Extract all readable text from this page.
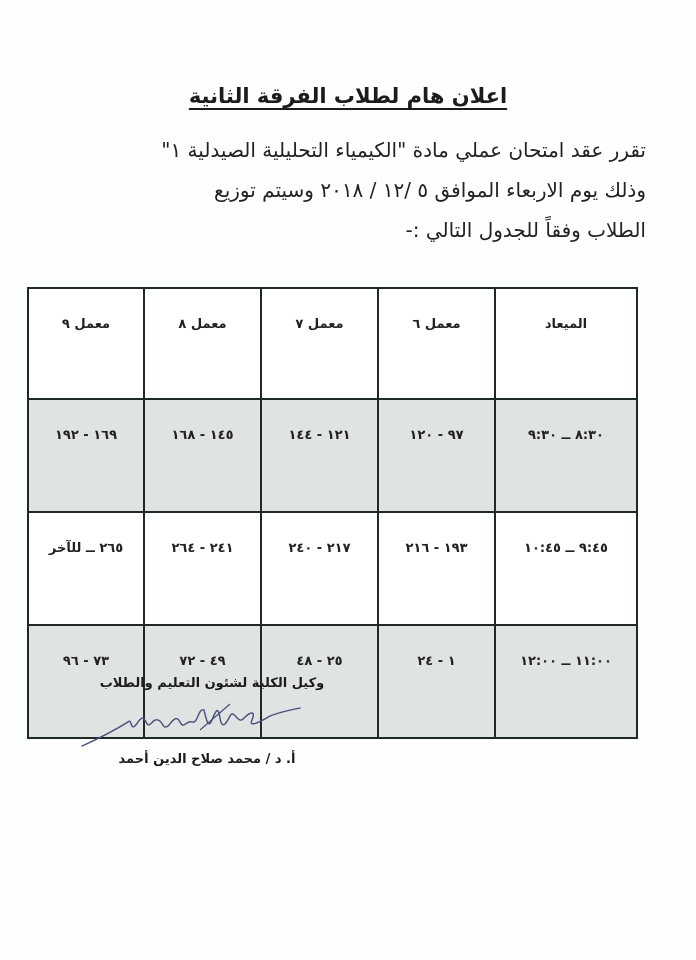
اعلان هام لطلاب الفرقة الثانية
تقرر عقد امتحان عملي مادة "الكيمياء التحليلية الصيدلية ١"
وذلك يوم الاربعاء الموافق ٥ /١٢ / ٢٠١٨ وسيتم توزيع
الطلاب وفقاً للجدول التالي :-
الميعاد	معمل ٦	معمل ٧	معمل ٨	معمل ٩
٨:٣٠ ــ ٩:٣٠	٩٧ - ١٢٠	١٢١ - ١٤٤	١٤٥ - ١٦٨	١٦٩ - ١٩٢
٩:٤٥ ــ ١٠:٤٥	١٩٣ - ٢١٦	٢١٧ - ٢٤٠	٢٤١ - ٢٦٤	٢٦٥ ــ للآخر
١١:٠٠ ــ ١٢:٠٠	١ - ٢٤	٢٥ - ٤٨	٤٩ - ٧٢	٧٣ - ٩٦
وكيل الكلية لشئون التعليم والطلاب
أ. د / محمد صلاح الدين أحمد
